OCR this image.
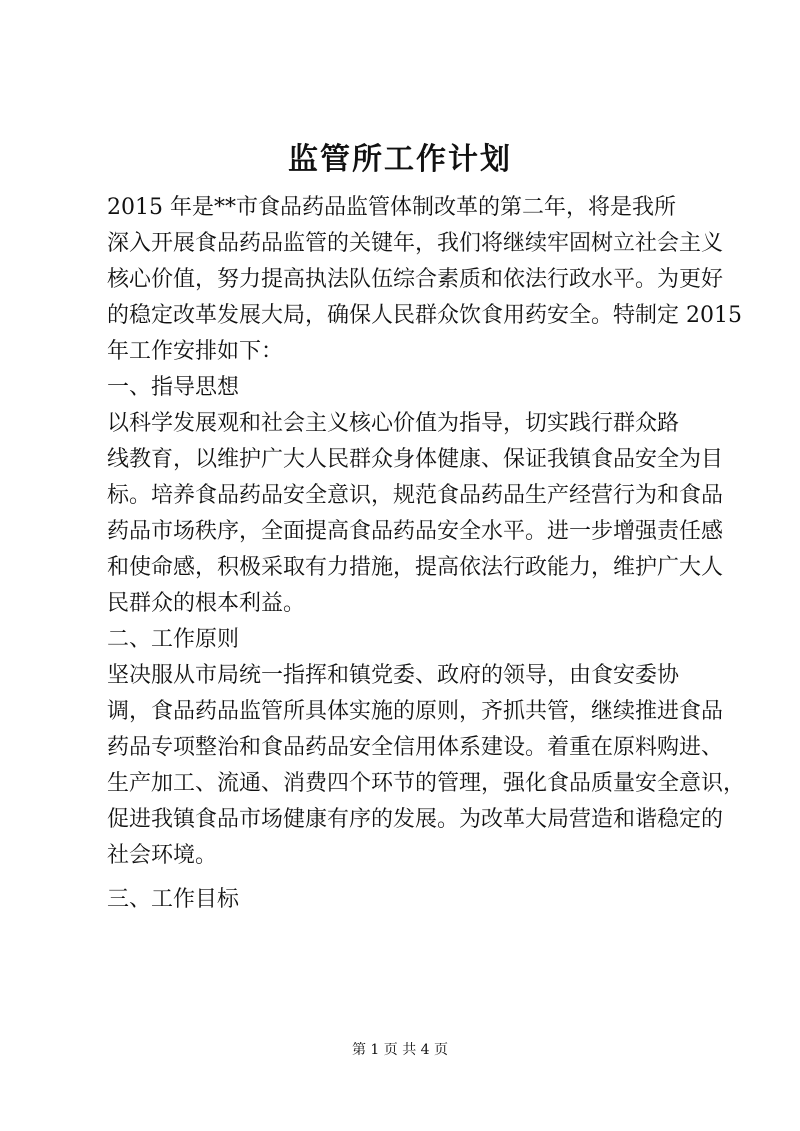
监管所工作计划
2015 年是**市食品药品监管体制改革的第二年，将是我所
深入开展食品药品监管的关键年，我们将继续牢固树立社会主义
核心价值，努力提高执法队伍综合素质和依法行政水平。为更好
的稳定改革发展大局，确保人民群众饮食用药安全。特制定 2015
年工作安排如下：
一、指导思想
以科学发展观和社会主义核心价值为指导，切实践行群众路
线教育，以维护广大人民群众身体健康、保证我镇食品安全为目
标。培养食品药品安全意识，规范食品药品生产经营行为和食品
药品市场秩序，全面提高食品药品安全水平。进一步增强责任感
和使命感，积极采取有力措施，提高依法行政能力，维护广大人
民群众的根本利益。
二、工作原则
坚决服从市局统一指挥和镇党委、政府的领导，由食安委协
调，食品药品监管所具体实施的原则，齐抓共管，继续推进食品
药品专项整治和食品药品安全信用体系建设。着重在原料购进、
生产加工、流通、消费四个环节的管理，强化食品质量安全意识，
促进我镇食品市场健康有序的发展。为改革大局营造和谐稳定的
社会环境。
三、工作目标
第 1 页 共 4 页
